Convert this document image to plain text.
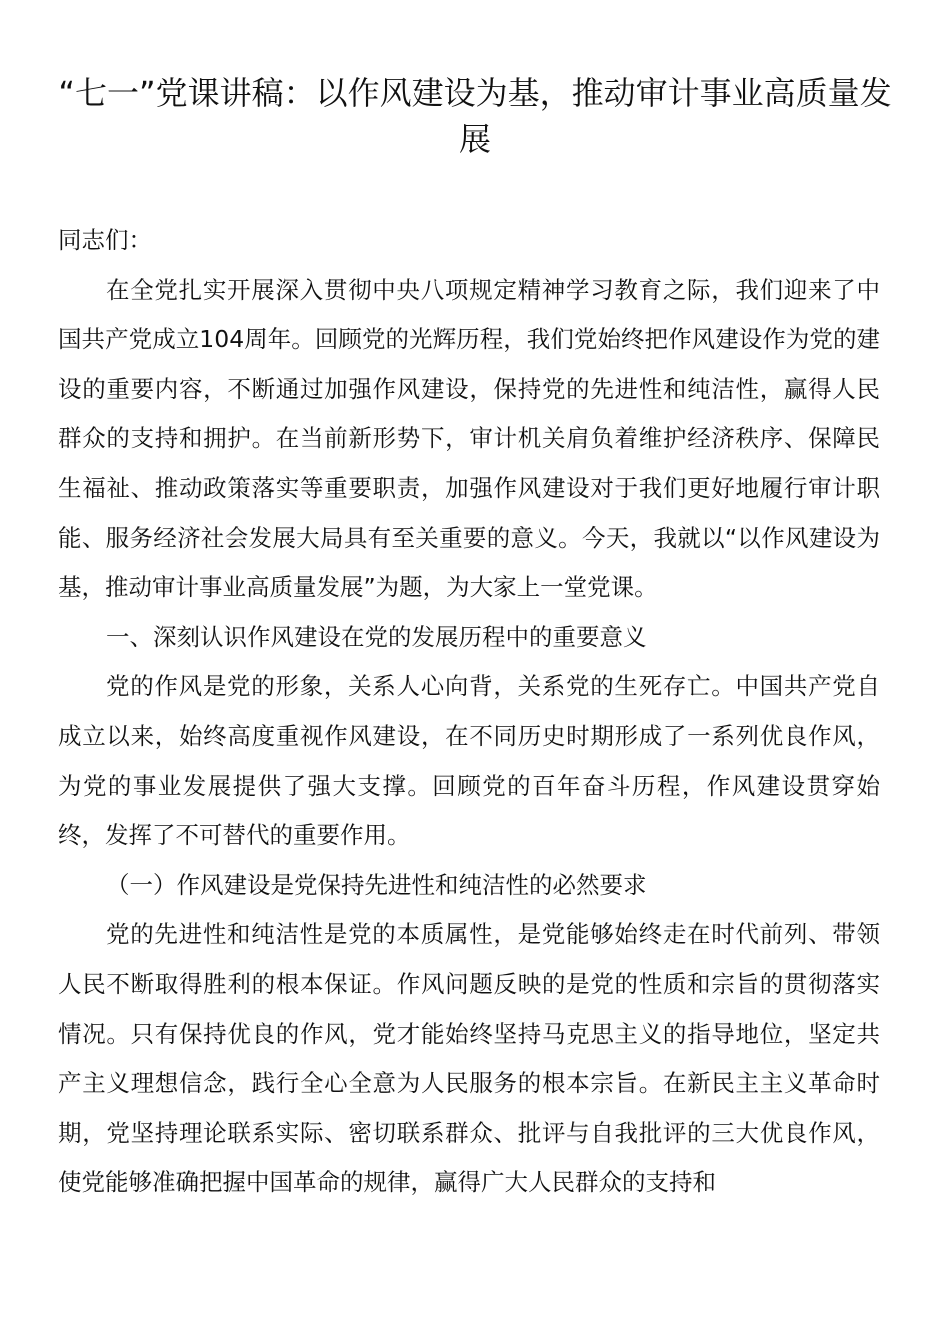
“七一”党课讲稿：以作风建设为基，推动审计事业高质量发展

同志们：

在全党扎实开展深入贯彻中央八项规定精神学习教育之际，我们迎来了中国共产党成立104周年。回顾党的光辉历程，我们党始终把作风建设作为党的建设的重要内容，不断通过加强作风建设，保持党的先进性和纯洁性，赢得人民群众的支持和拥护。在当前新形势下，审计机关肩负着维护经济秩序、保障民生福祉、推动政策落实等重要职责，加强作风建设对于我们更好地履行审计职能、服务经济社会发展大局具有至关重要的意义。今天，我就以“以作风建设为基，推动审计事业高质量发展”为题，为大家上一堂党课。

一、深刻认识作风建设在党的发展历程中的重要意义

党的作风是党的形象，关系人心向背，关系党的生死存亡。中国共产党自成立以来，始终高度重视作风建设，在不同历史时期形成了一系列优良作风，为党的事业发展提供了强大支撑。回顾党的百年奋斗历程，作风建设贯穿始终，发挥了不可替代的重要作用。

（一）作风建设是党保持先进性和纯洁性的必然要求

党的先进性和纯洁性是党的本质属性，是党能够始终走在时代前列、带领人民不断取得胜利的根本保证。作风问题反映的是党的性质和宗旨的贯彻落实情况。只有保持优良的作风，党才能始终坚持马克思主义的指导地位，坚定共产主义理想信念，践行全心全意为人民服务的根本宗旨。在新民主主义革命时期，党坚持理论联系实际、密切联系群众、批评与自我批评的三大优良作风，使党能够准确把握中国革命的规律，赢得广大人民群众的支持和
